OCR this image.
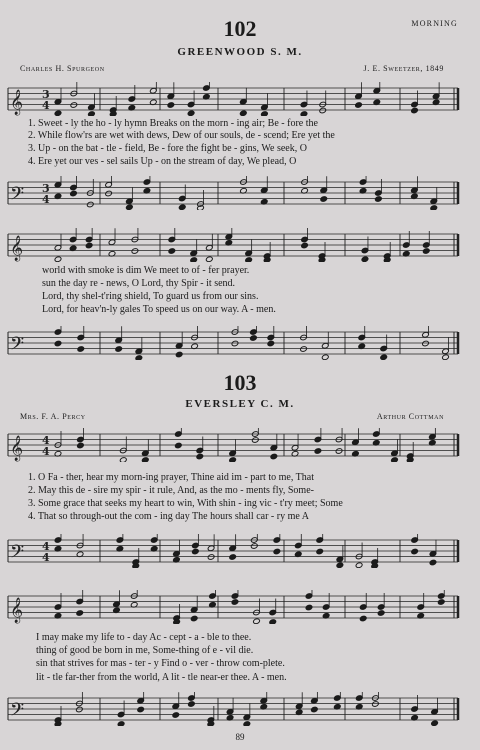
MORNING
102
GREENWOOD S. M.
Charles H. Spurgeon	J. E. Sweetzer, 1849
𝄞 3
4
1. Sweet - ly the ho - ly hymn Breaks on the morn - ing air; Be - fore the
2. While flow'rs are wet with dews, Dew of our souls, de - scend; Ere yet the
3. Up - on the bat - tle - field, Be - fore the fight be - gins, We seek, O
4. Ere yet our ves - sel sails Up - on the stream of day, We plead, O
𝄢 3
4
𝄞
world with smoke is dim We meet to of - fer prayer.
sun the day re - news, O Lord, thy Spir - it send.
Lord, thy shel-t'ring shield, To guard us from our sins.
Lord, for heav'n-ly gales To speed us on our way. A - men.
𝄢
103
EVERSLEY C. M.
Mrs. F. A. Percy	Arthur Cottman
𝄞 4
4
1. O Fa - ther, hear my morn-ing prayer, Thine aid im - part to me, That
2. May this de - sire my spir - it rule, And, as the mo - ments fly, Some-
3. Some grace that seeks my heart to win, With shin - ing vic - t'ry meet; Some
4. That so through-out the com - ing day The hours shall car - ry me A
𝄢 4
4
𝄞
I may make my life to - day Ac - cept - a - ble to thee.
thing of good be born in me, Some-thing of e - vil die.
sin that strives for mas - ter - y Find o - ver - throw com-plete.
lit - tle far-ther from the world, A lit - tle near-er thee. A - men.
𝄢
89
